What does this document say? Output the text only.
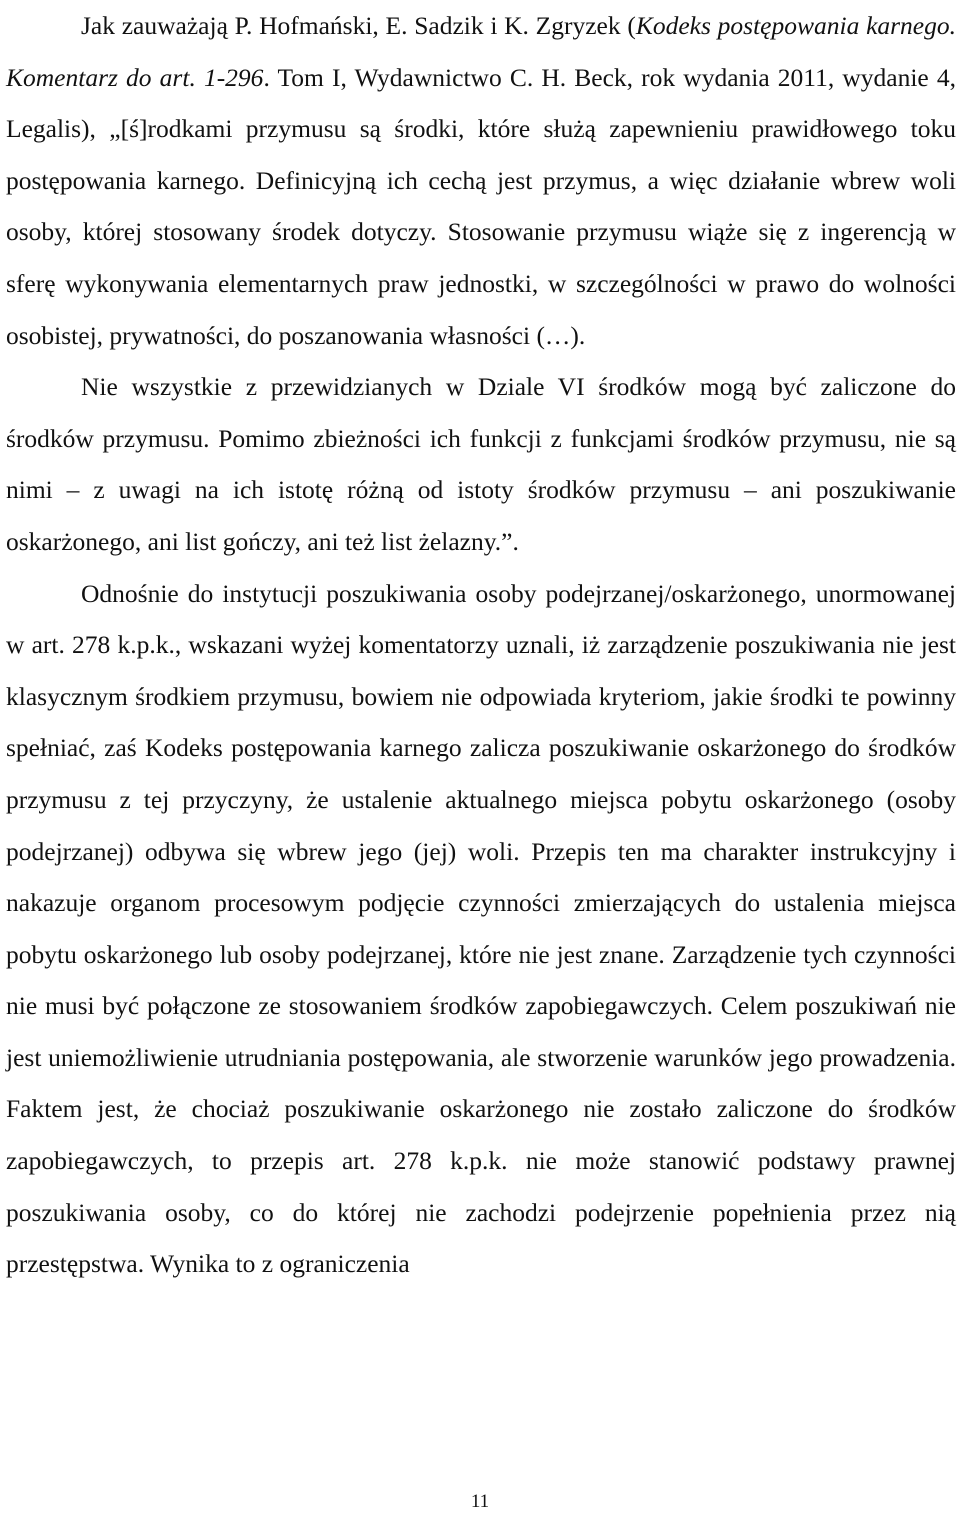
Jak zauważają P. Hofmański, E. Sadzik i K. Zgryzek (Kodeks postępowania karnego. Komentarz do art. 1-296. Tom I, Wydawnictwo C. H. Beck, rok wydania 2011, wydanie 4, Legalis), „[ś]rodkami przymusu są środki, które służą zapewnieniu prawidłowego toku postępowania karnego. Definicyjną ich cechą jest przymus, a więc działanie wbrew woli osoby, której stosowany środek dotyczy. Stosowanie przymusu wiąże się z ingerencją w sferę wykonywania elementarnych praw jednostki, w szczególności w prawo do wolności osobistej, prywatności, do poszanowania własności (…).

Nie wszystkie z przewidzianych w Dziale VI środków mogą być zaliczone do środków przymusu. Pomimo zbieżności ich funkcji z funkcjami środków przymusu, nie są nimi – z uwagi na ich istotę różną od istoty środków przymusu – ani poszukiwanie oskarżonego, ani list gończy, ani też list żelazny.”.

Odnośnie do instytucji poszukiwania osoby podejrzanej/oskarżonego, unormowanej w art. 278 k.p.k., wskazani wyżej komentatorzy uznali, iż zarządzenie poszukiwania nie jest klasycznym środkiem przymusu, bowiem nie odpowiada kryteriom, jakie środki te powinny spełniać, zaś Kodeks postępowania karnego zalicza poszukiwanie oskarżonego do środków przymusu z tej przyczyny, że ustalenie aktualnego miejsca pobytu oskarżonego (osoby podejrzanej) odbywa się wbrew jego (jej) woli. Przepis ten ma charakter instrukcyjny i nakazuje organom procesowym podjęcie czynności zmierzających do ustalenia miejsca pobytu oskarżonego lub osoby podejrzanej, które nie jest znane. Zarządzenie tych czynności nie musi być połączone ze stosowaniem środków zapobiegawczych. Celem poszukiwań nie jest uniemożliwienie utrudniania postępowania, ale stworzenie warunków jego prowadzenia. Faktem jest, że chociaż poszukiwanie oskarżonego nie zostało zaliczone do środków zapobiegawczych, to przepis art. 278 k.p.k. nie może stanowić podstawy prawnej poszukiwania osoby, co do której nie zachodzi podejrzenie popełnienia przez nią przestępstwa. Wynika to z ograniczenia

11
